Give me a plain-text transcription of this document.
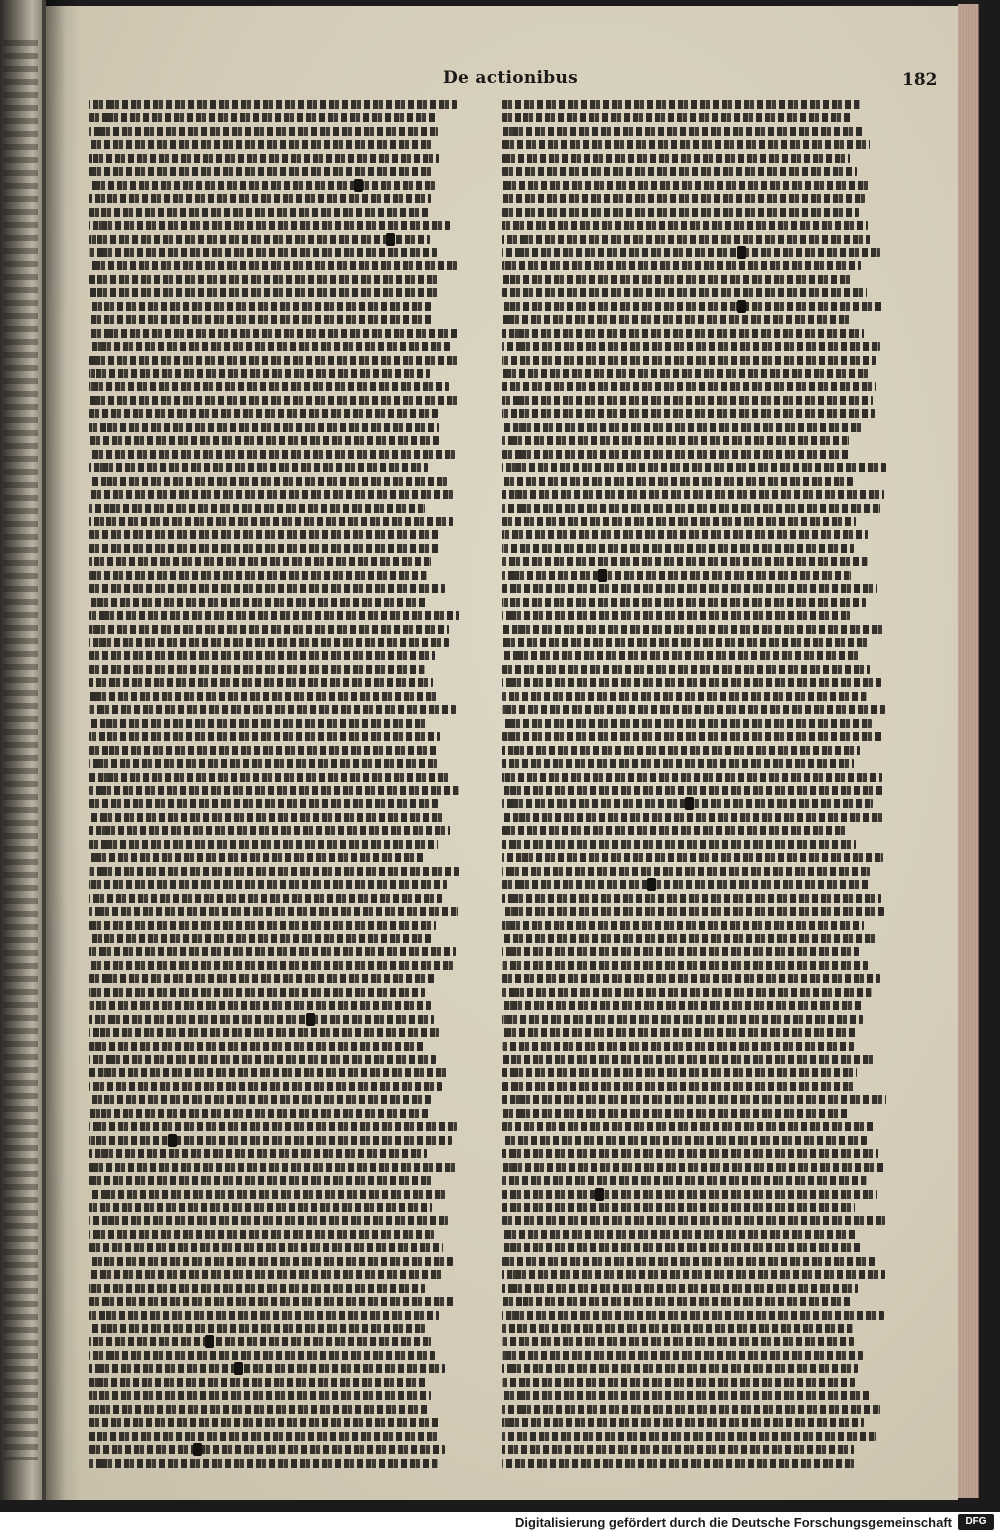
De actionibus	182
Digitalisierung gefördert durch die Deutsche Forschungsgemeinschaft	DFG
